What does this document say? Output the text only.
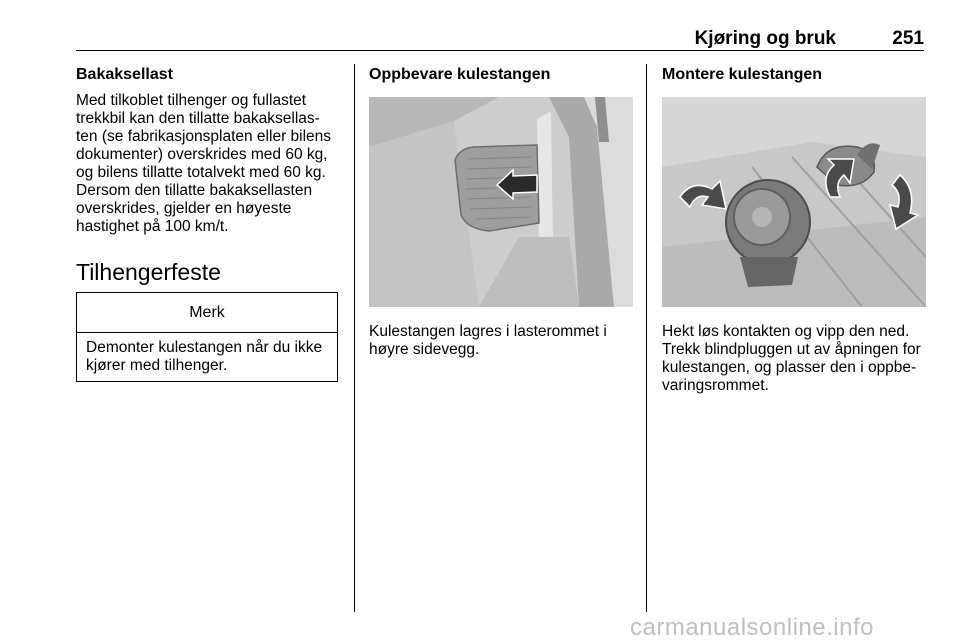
Kjøring og bruk	251
Bakaksellast

Med tilkoblet tilhenger og fullastet

trekkbil kan den tillatte bakaksellas-

ten (se fabrikasjonsplaten eller bilens

dokumenter) overskrides med 60 kg,

og bilens tillatte totalvekt med 60 kg.

Dersom den tillatte bakaksellasten

overskrides, gjelder en høyeste

hastighet på 100 km/t.

Tilhengerfeste
Merk

Demonter kulestangen når du ikke

kjører med tilhenger.

Oppbevare kulestangen

Kulestangen lagres i lasterommet i

høyre sidevegg.

Montere kulestangen

Hekt løs kontakten og vipp den ned.

Trekk blindpluggen ut av åpningen for

kulestangen, og plasser den i oppbe-

varingsrommet.

carmanualsonline.info
